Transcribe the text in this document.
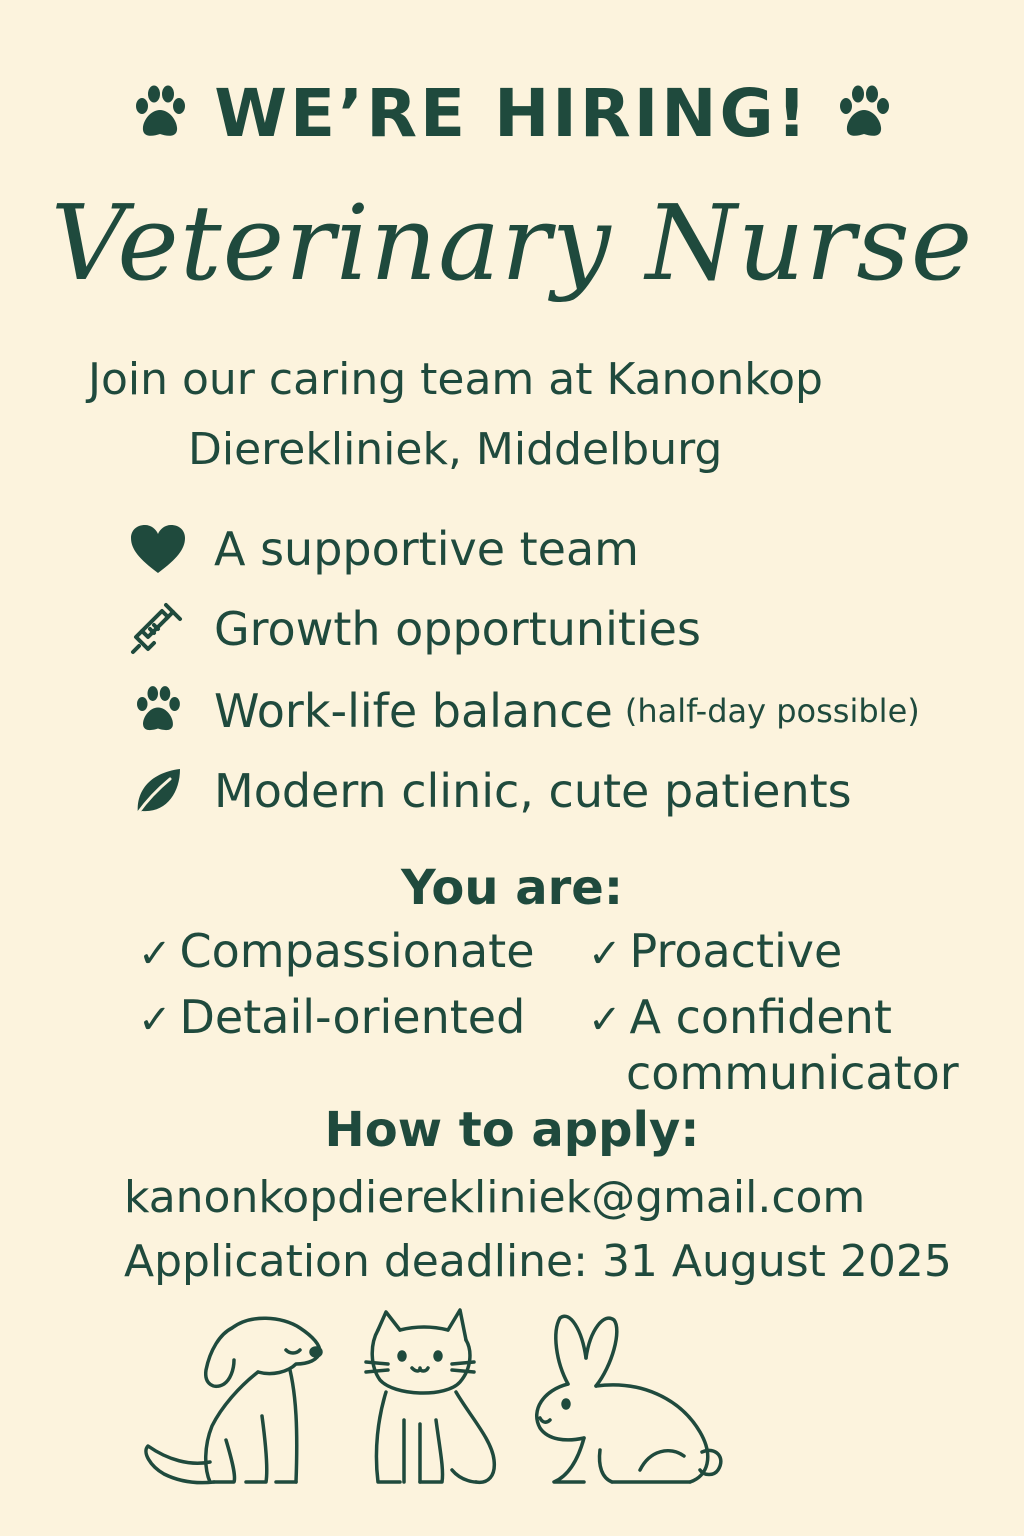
WE’RE HIRING!
Veterinary Nurse
Join our caring team at Kanonkop
Dierekliniek, Middelburg
A supportive team
Growth opportunities
Work-life balance (half-day possible)
Modern clinic, cute patients
You are:
✓ Compassionate ✓ Proactive
✓ Detail-oriented ✓ A confident
communicator
How to apply:
kanonkopdierekliniek@gmail.com
Application deadline: 31 August 2025
